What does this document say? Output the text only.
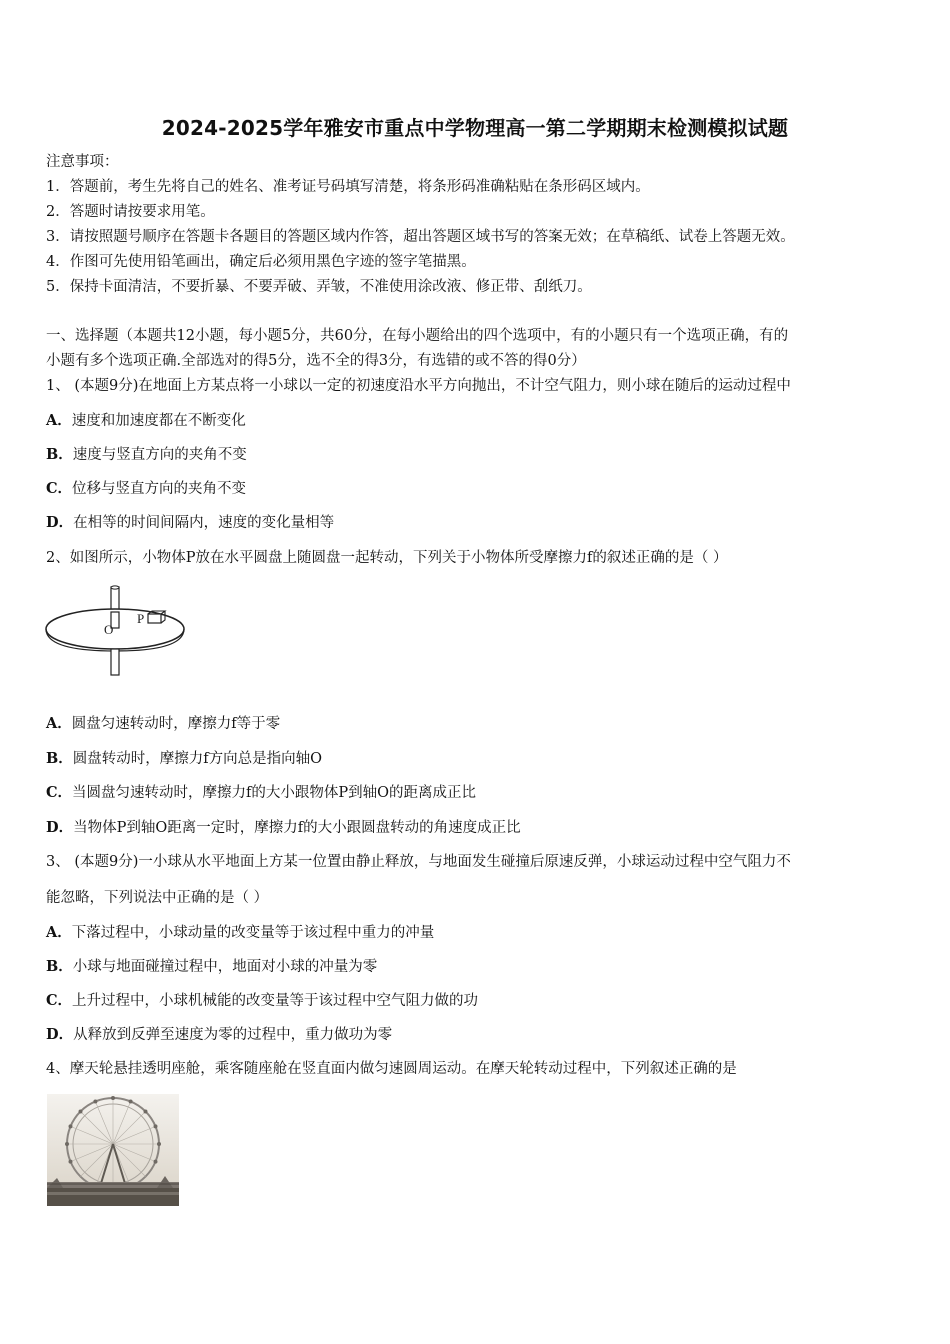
2024-2025学年雅安市重点中学物理高一第二学期期末检测模拟试题
注意事项：
1．答题前，考生先将自己的姓名、准考证号码填写清楚，将条形码准确粘贴在条形码区域内。
2．答题时请按要求用笔。
3．请按照题号顺序在答题卡各题目的答题区域内作答，超出答题区域书写的答案无效；在草稿纸、试卷上答题无效。
4．作图可先使用铅笔画出，确定后必须用黑色字迹的签字笔描黑。
5．保持卡面清洁，不要折暴、不要弄破、弄皱，不准使用涂改液、修正带、刮纸刀。
一、选择题（本题共12小题，每小题5分，共60分，在每小题给出的四个选项中，有的小题只有一个选项正确，有的
小题有多个选项正确.全部选对的得5分，选不全的得3分，有选错的或不答的得0分）
1、 (本题9分)在地面上方某点将一小球以一定的初速度沿水平方向抛出，不计空气阻力，则小球在随后的运动过程中
A．速度和加速度都在不断变化
B．速度与竖直方向的夹角不变
C．位移与竖直方向的夹角不变
D．在相等的时间间隔内，速度的变化量相等
2、如图所示，小物体P放在水平圆盘上随圆盘一起转动，下列关于小物体所受摩擦力f的叙述正确的是（ ）
O
P
A．圆盘匀速转动时，摩擦力f等于零
B．圆盘转动时，摩擦力f方向总是指向轴O
C．当圆盘匀速转动时，摩擦力f的大小跟物体P到轴O的距离成正比
D．当物体P到轴O距离一定时，摩擦力f的大小跟圆盘转动的角速度成正比
3、 (本题9分)一小球从水平地面上方某一位置由静止释放，与地面发生碰撞后原速反弹，小球运动过程中空气阻力不
能忽略，下列说法中正确的是（ ）
A．下落过程中，小球动量的改变量等于该过程中重力的冲量
B．小球与地面碰撞过程中，地面对小球的冲量为零
C．上升过程中，小球机械能的改变量等于该过程中空气阻力做的功
D．从释放到反弹至速度为零的过程中，重力做功为零
4、摩天轮悬挂透明座舱，乘客随座舱在竖直面内做匀速圆周运动。在摩天轮转动过程中，下列叙述正确的是
